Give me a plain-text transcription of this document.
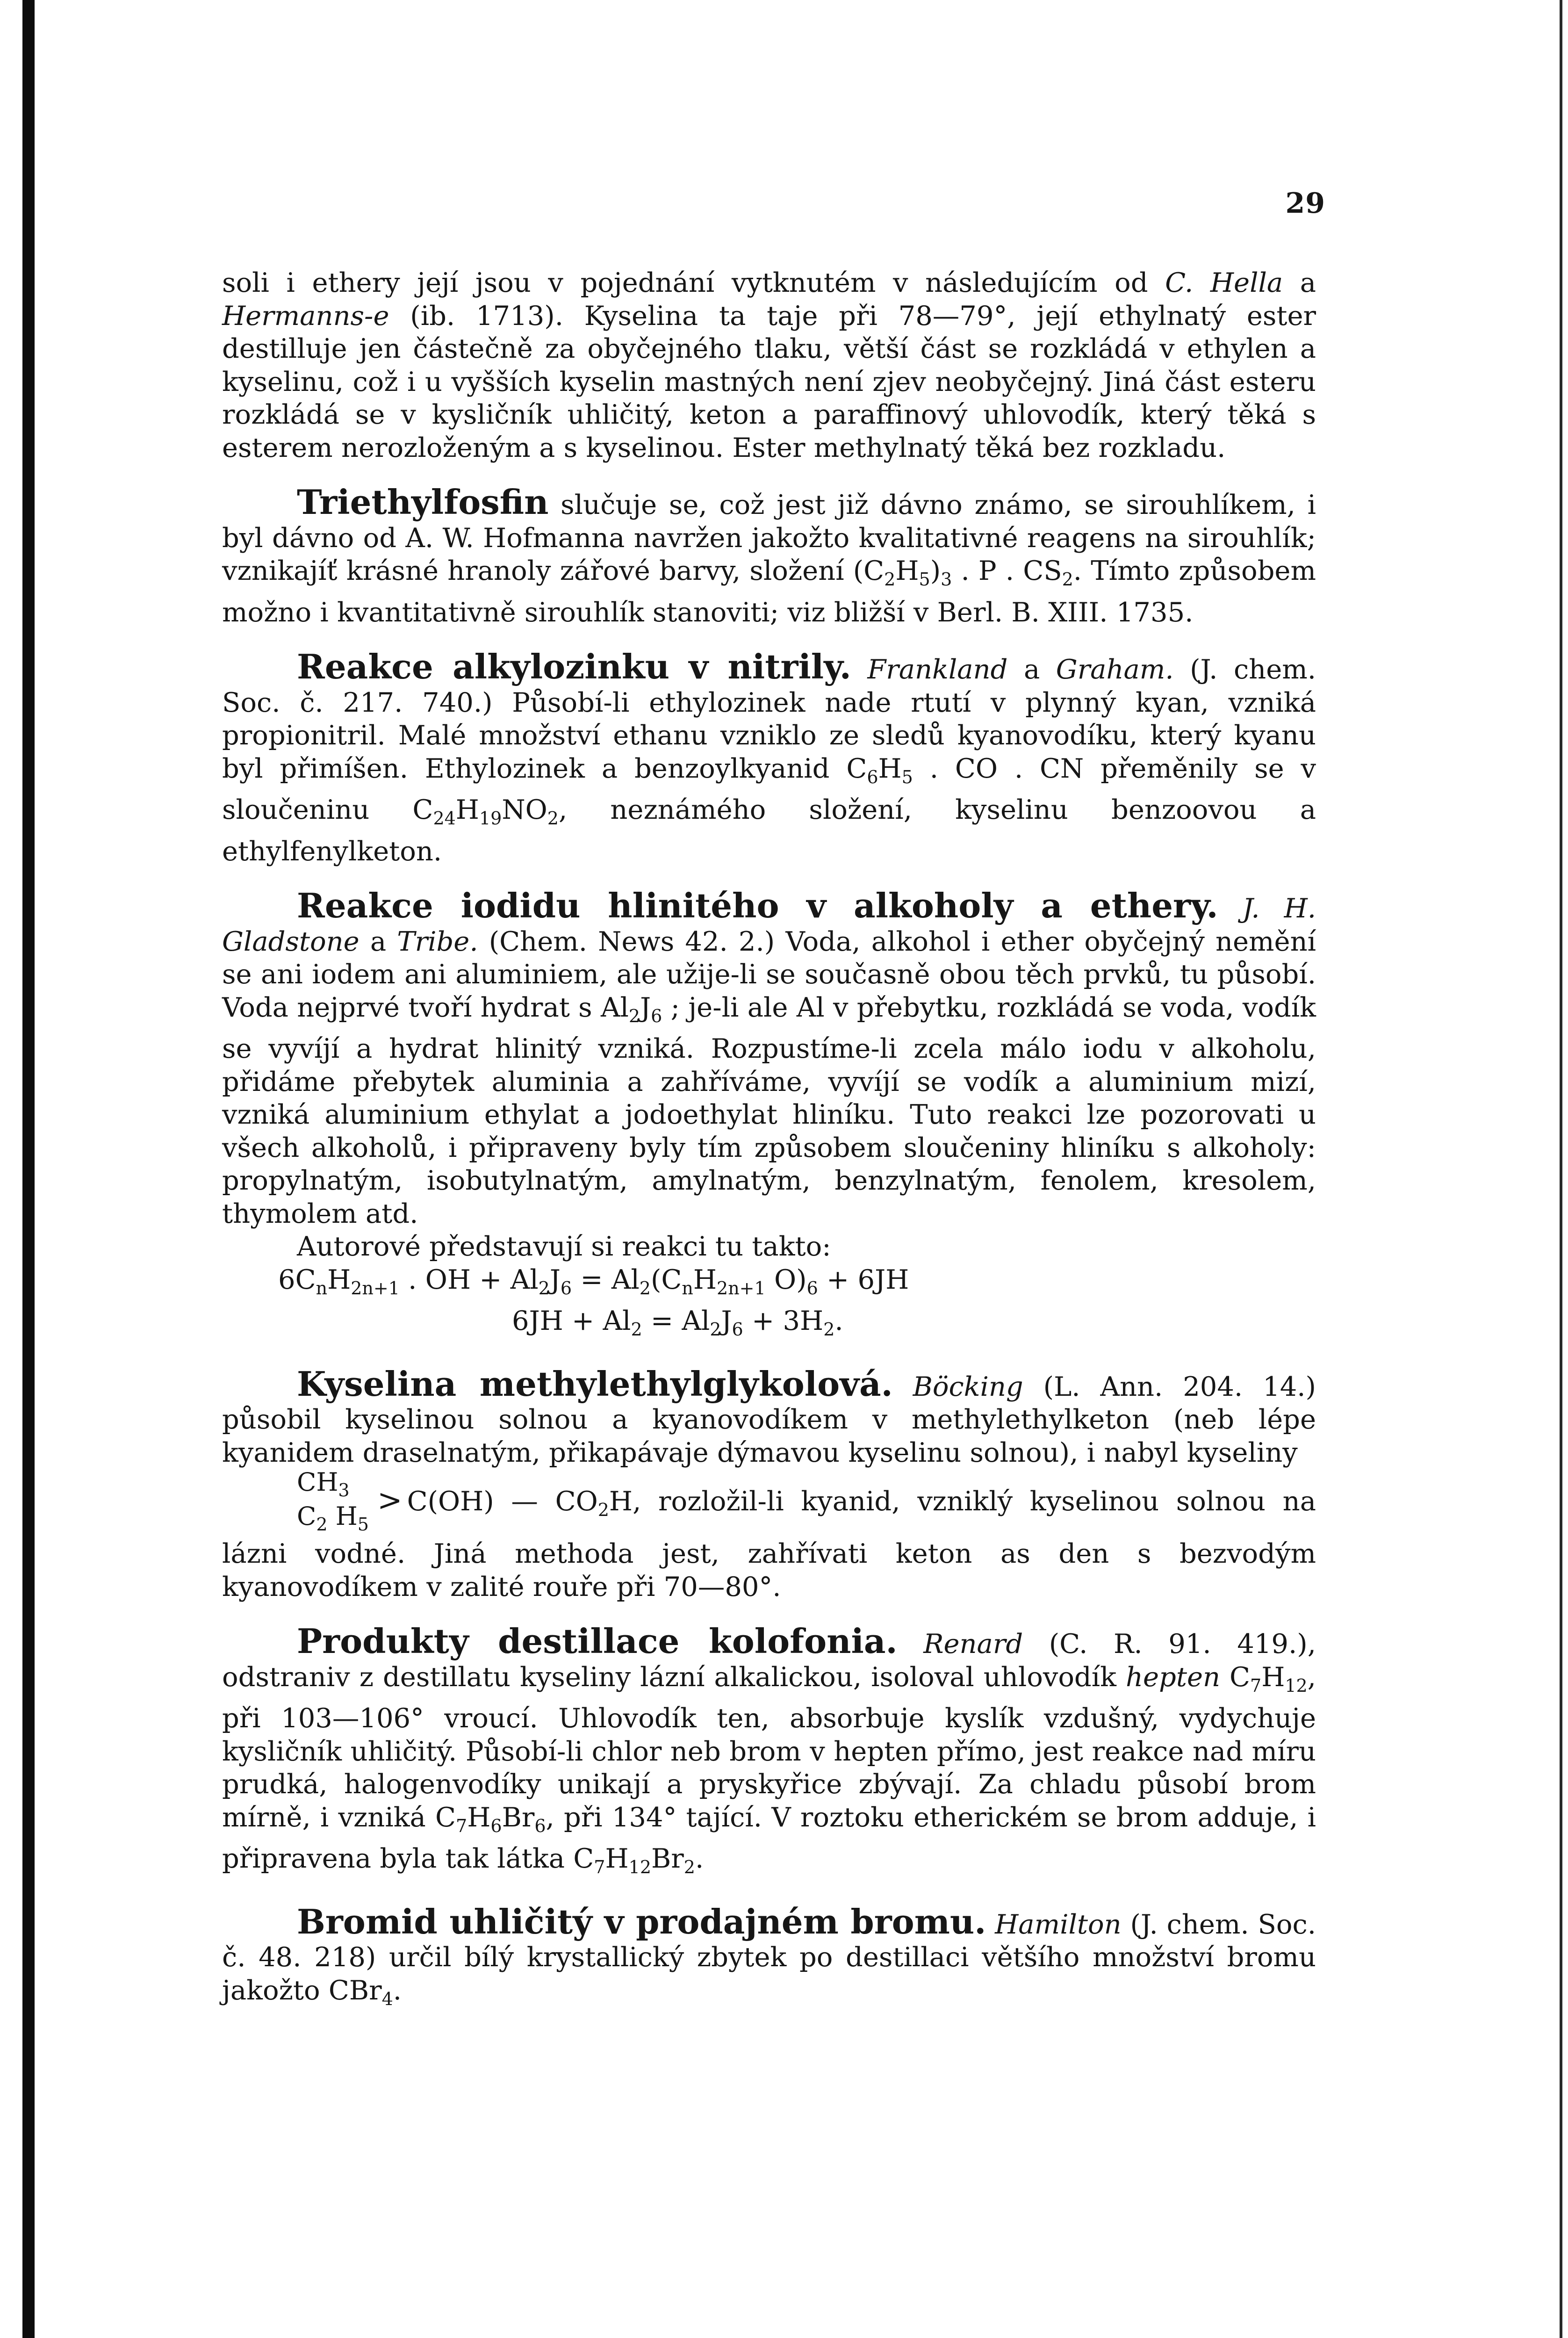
29

soli i ethery její jsou v pojednání vytknutém v následujícím od C. Hella a Hermanns-e (ib. 1713). Kyselina ta taje při 78—79°, její ethylnatý ester destilluje jen částečně za obyčejného tlaku, větší část se rozkládá v ethylen a kyselinu, což i u vyšších kyselin mastných není zjev neobyčejný. Jiná část esteru rozkládá se v kysličník uhličitý, keton a paraffinový uhlovodík, který těká s esterem nerozloženým a s kyselinou. Ester methylnatý těká bez rozkladu.

Triethylfosfin slučuje se, což jest již dávno známo, se sirouhlíkem, i byl dávno od A. W. Hofmanna navržen jakožto kvalitativné reagens na sirouhlík; vznikajíť krásné hranoly zářové barvy, složení $(C_2H_5)_3$ . P . $CS_2$. Tímto způsobem možno i kvantitativně sirouhlík stanoviti; viz bližší v Berl. B. XIII. 1735.

Reakce alkylozinku v nitrily. Frankland a Graham. (J. chem. Soc. č. 217. 740.) Působí-li ethylozinek nade rtutí v plynný kyan, vzniká propionitril. Malé množství ethanu vzniklo ze sledů kyanovodíku, který kyanu byl přimíšen. Ethylozinek a benzoylkyanid $C_6H_5$ . CO . CN přeměnily se v sloučeninu $C_{24}H_{19}NO_2$, neznámého složení, kyselinu benzoovou a ethylfenylketon.

Reakce iodidu hlinitého v alkoholy a ethery. J. H. Gladstone a Tribe. (Chem. News 42. 2.) Voda, alkohol i ether obyčejný nemění se ani iodem ani aluminiem, ale užije-li se současně obou těch prvků, tu působí. Voda nejprvé tvoří hydrat s $Al_2J_6$ ; je-li ale Al v přebytku, rozkládá se voda, vodík se vyvíjí a hydrat hlinitý vzniká. Rozpustíme-li zcela málo iodu v alkoholu, přidáme přebytek aluminia a zahříváme, vyvíjí se vodík a aluminium mizí, vzniká aluminium ethylat a jodoethylat hliníku. Tuto reakci lze pozorovati u všech alkoholů, i připraveny byly tím způsobem sloučeniny hliníku s alkoholy: propylnatým, isobutylnatým, amylnatým, benzylnatým, fenolem, kresolem, thymolem atd.

Autorové představují si reakci tu takto:

$6C_nH_{2n+1}$ . OH + $Al_2J_6 = Al_2(C_nH_{2n+1}$ $O)_6 + 6JH$

$6JH + Al_2 = Al_2J_6 + 3H_2$.

Kyselina methylethylglykolová. Böcking (L. Ann. 204. 14.) působil kyselinou solnou a kyanovodíkem v methylethylketon (neb lépe kyanidem draselnatým, přikapávaje dýmavou kyselinu solnou), i nabyl kyseliny

$CH_3$
$C_2$ $H_5$
> C(OH) — $CO_2H$, rozložil-li kyanid, vzniklý kyselinou solnou na lázni vodné. Jiná methoda jest, zahřívati keton as den s bezvodým kyanovodíkem v zalité rouře při 70—80°.

Produkty destillace kolofonia. Renard (C. R. 91. 419.), odstraniv z destillatu kyseliny lázní alkalickou, isoloval uhlovodík hepten $C_7H_{12}$, při 103—106° vroucí. Uhlovodík ten, absorbuje kyslík vzdušný, vydychuje kysličník uhličitý. Působí-li chlor neb brom v hepten přímo, jest reakce nad míru prudká, halogenvodíky unikají a pryskyřice zbývají. Za chladu působí brom mírně, i vzniká $C_7H_6Br_6$, při 134° tající. V roztoku etherickém se brom adduje, i připravena byla tak látka $C_7H_{12}Br_2$.

Bromid uhličitý v prodajném bromu. Hamilton (J. chem. Soc. č. 48. 218) určil bílý krystallický zbytek po destillaci většího množství bromu jakožto CBr$_4$.
